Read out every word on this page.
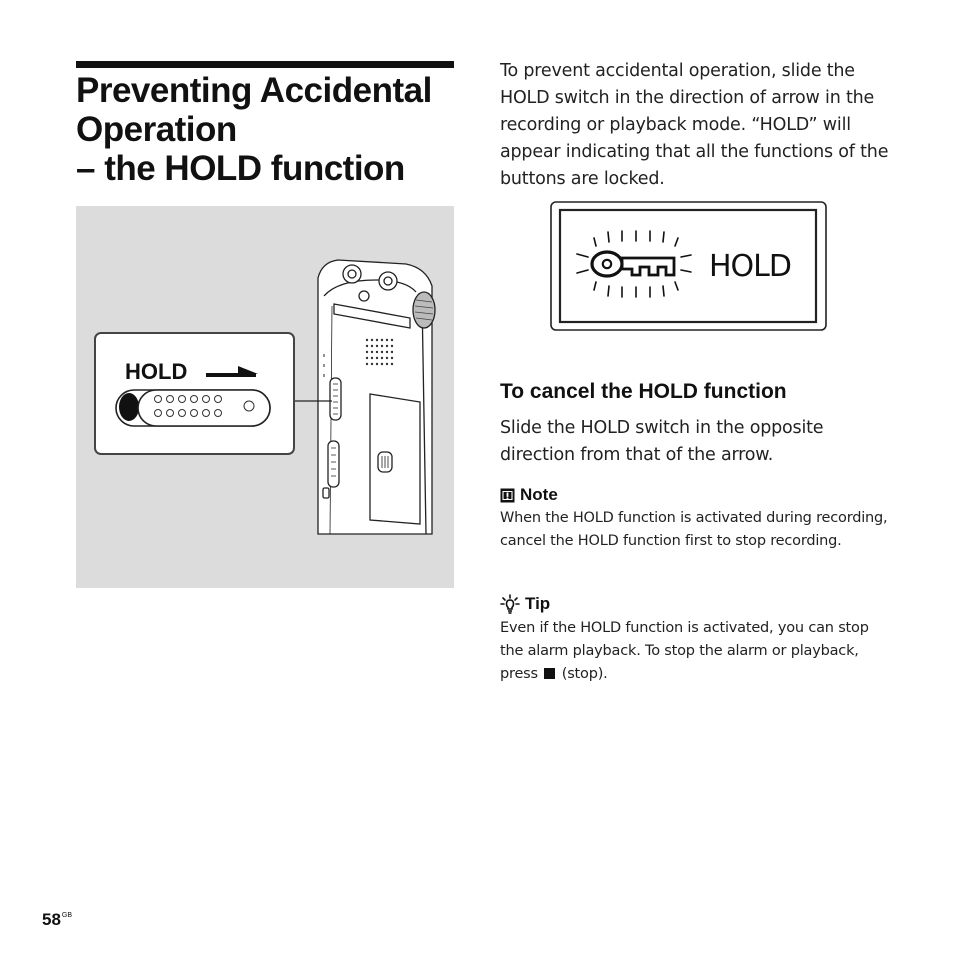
Preventing Accidental
Operation
– the HOLD function

To prevent accidental operation, slide the HOLD switch in the direction of arrow in the recording or playback mode. “HOLD” will appear indicating that all the functions of the buttons are locked.

HOLD
HOLD
To cancel the HOLD function

Slide the HOLD switch in the opposite direction from that of the arrow.

Note

When the HOLD function is activated during recording, cancel the HOLD function first to stop recording.

Tip

Even if the HOLD function is activated, you can stop the alarm playback. To stop the alarm or playback, press (stop).

$58^{GB}$
